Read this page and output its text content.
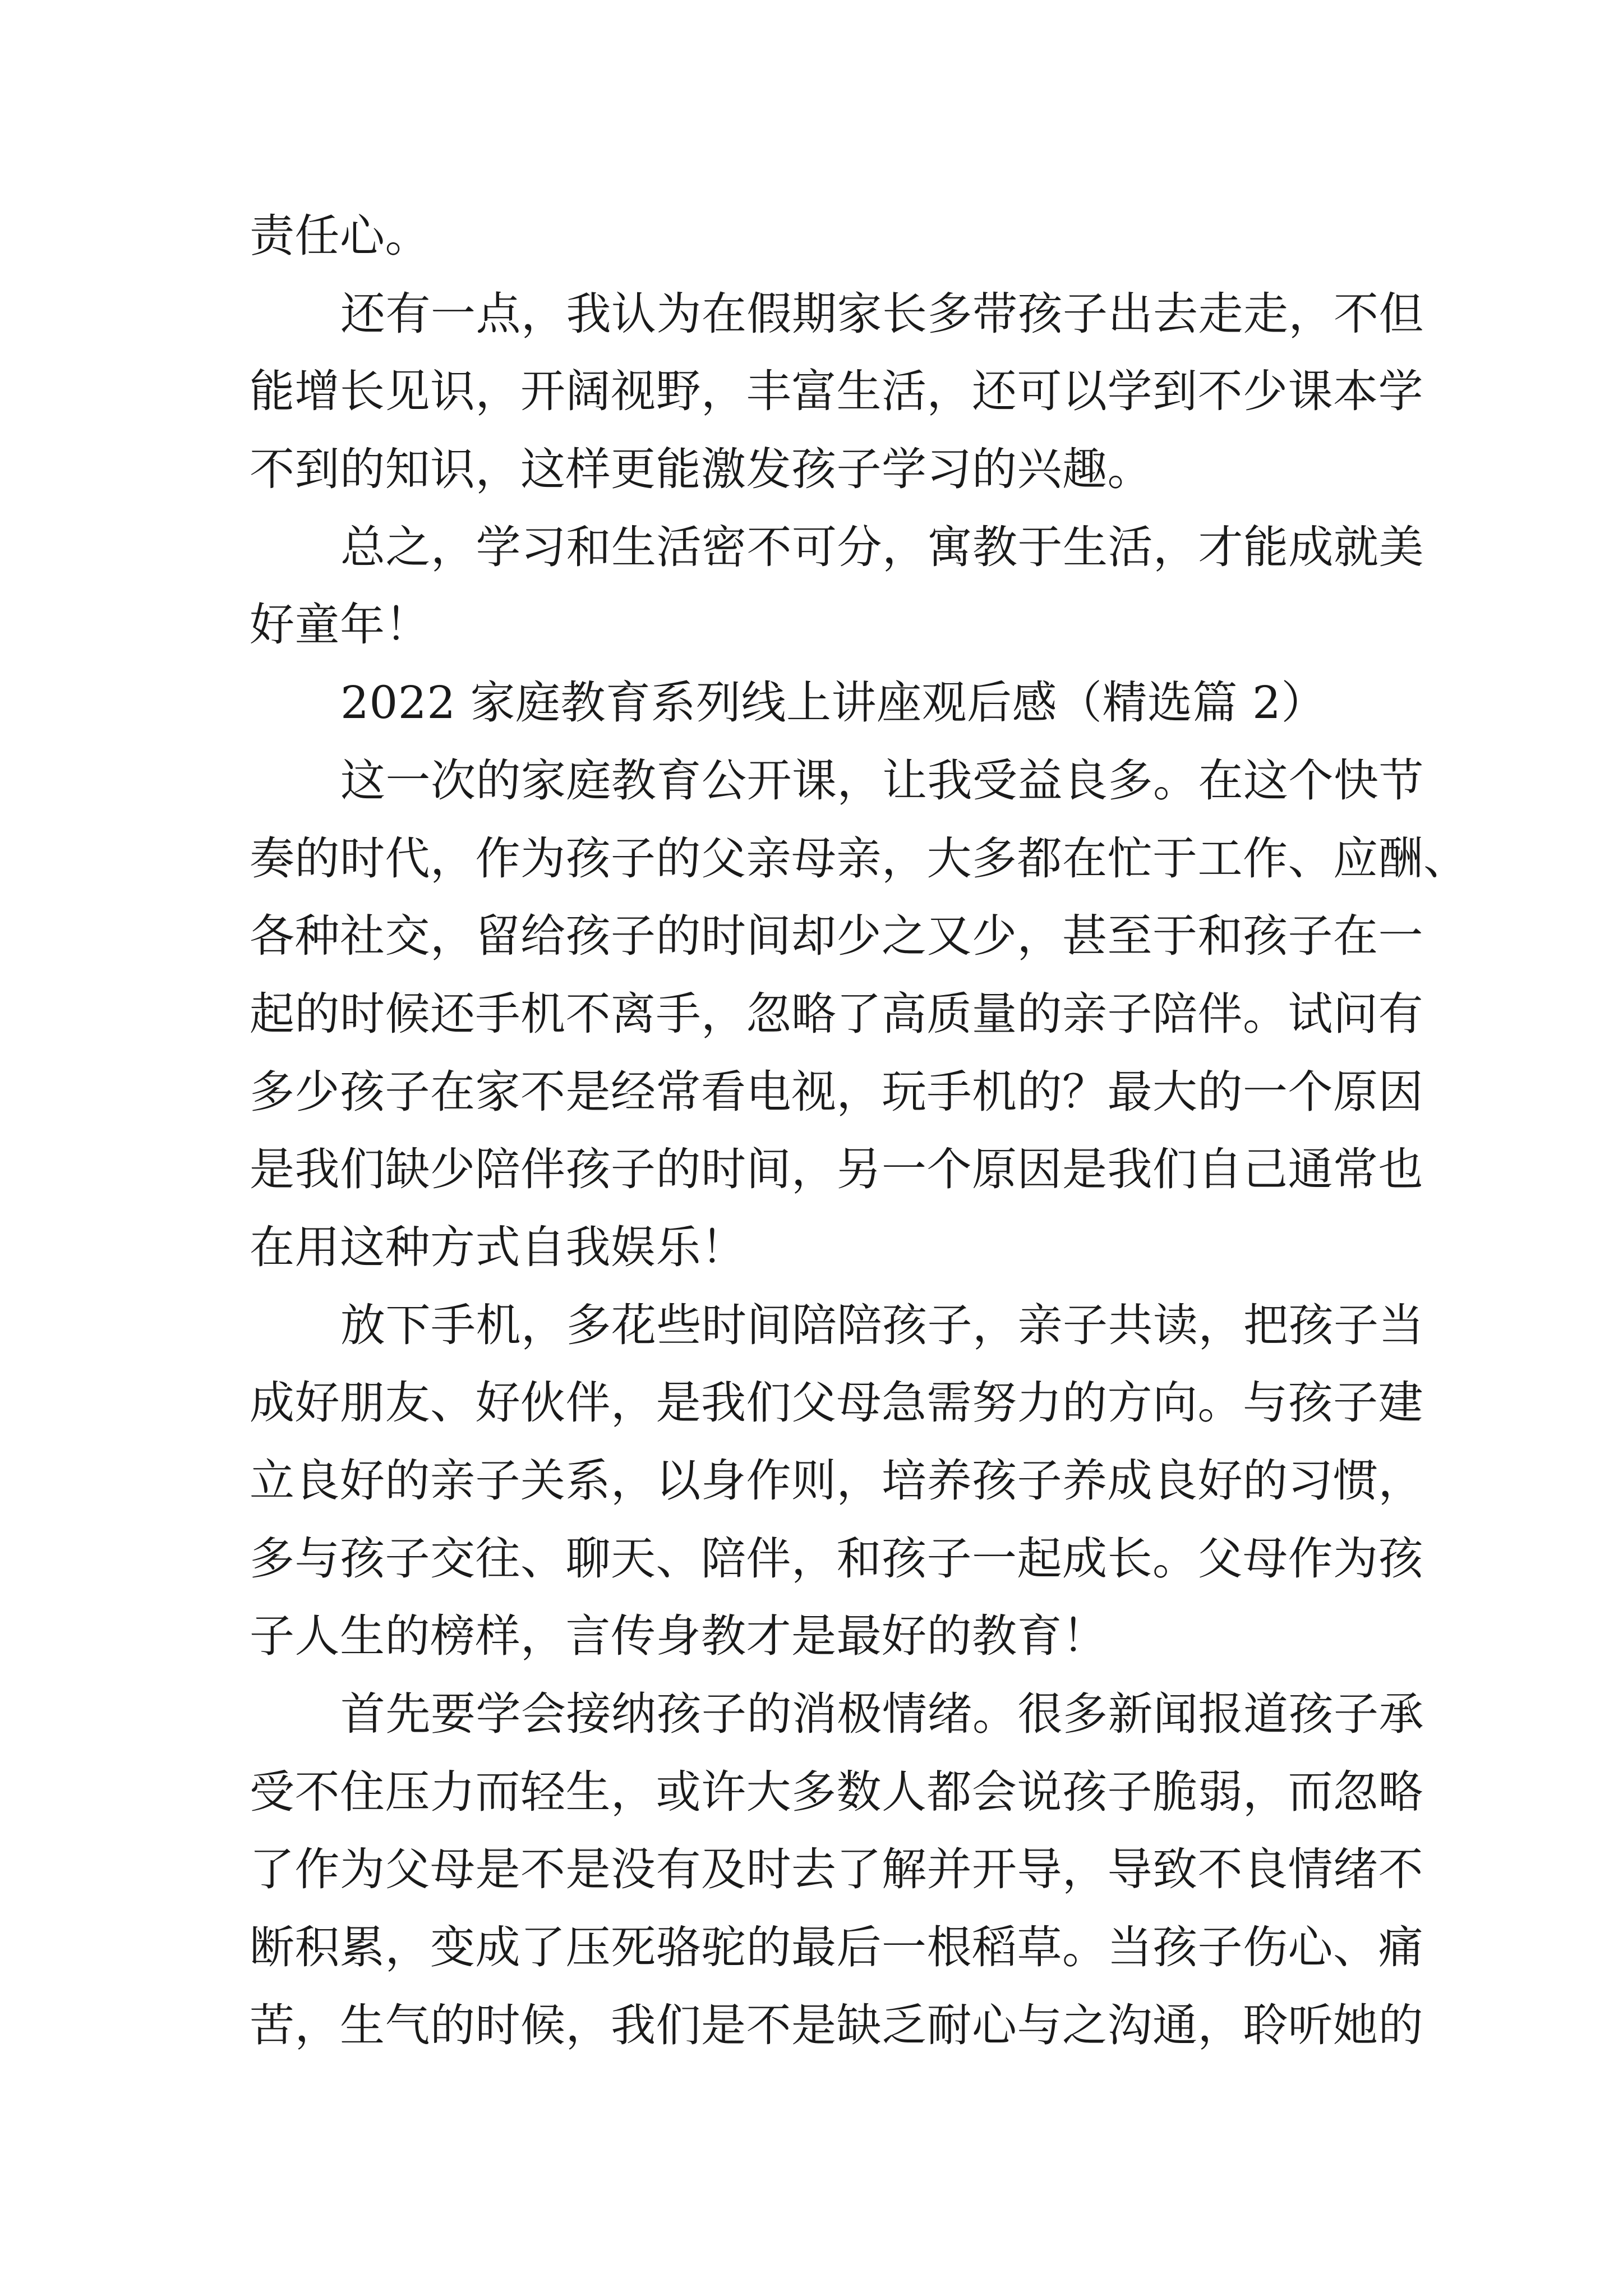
责任心。
还有一点，我认为在假期家长多带孩子出去走走，不但
能增长见识，开阔视野，丰富生活，还可以学到不少课本学
不到的知识，这样更能激发孩子学习的兴趣。
总之，学习和生活密不可分，寓教于生活，才能成就美
好童年！
2022 家庭教育系列线上讲座观后感（精选篇 2）
这一次的家庭教育公开课，让我受益良多。在这个快节
奏的时代，作为孩子的父亲母亲，大多都在忙于工作、应酬、
各种社交，留给孩子的时间却少之又少，甚至于和孩子在一
起的时候还手机不离手，忽略了高质量的亲子陪伴。试问有
多少孩子在家不是经常看电视，玩手机的？最大的一个原因
是我们缺少陪伴孩子的时间，另一个原因是我们自己通常也
在用这种方式自我娱乐！
放下手机，多花些时间陪陪孩子，亲子共读，把孩子当
成好朋友、好伙伴，是我们父母急需努力的方向。与孩子建
立良好的亲子关系，以身作则，培养孩子养成良好的习惯，
多与孩子交往、聊天、陪伴，和孩子一起成长。父母作为孩
子人生的榜样，言传身教才是最好的教育！
首先要学会接纳孩子的消极情绪。很多新闻报道孩子承
受不住压力而轻生，或许大多数人都会说孩子脆弱，而忽略
了作为父母是不是没有及时去了解并开导，导致不良情绪不
断积累，变成了压死骆驼的最后一根稻草。当孩子伤心、痛
苦，生气的时候，我们是不是缺乏耐心与之沟通，聆听她的
